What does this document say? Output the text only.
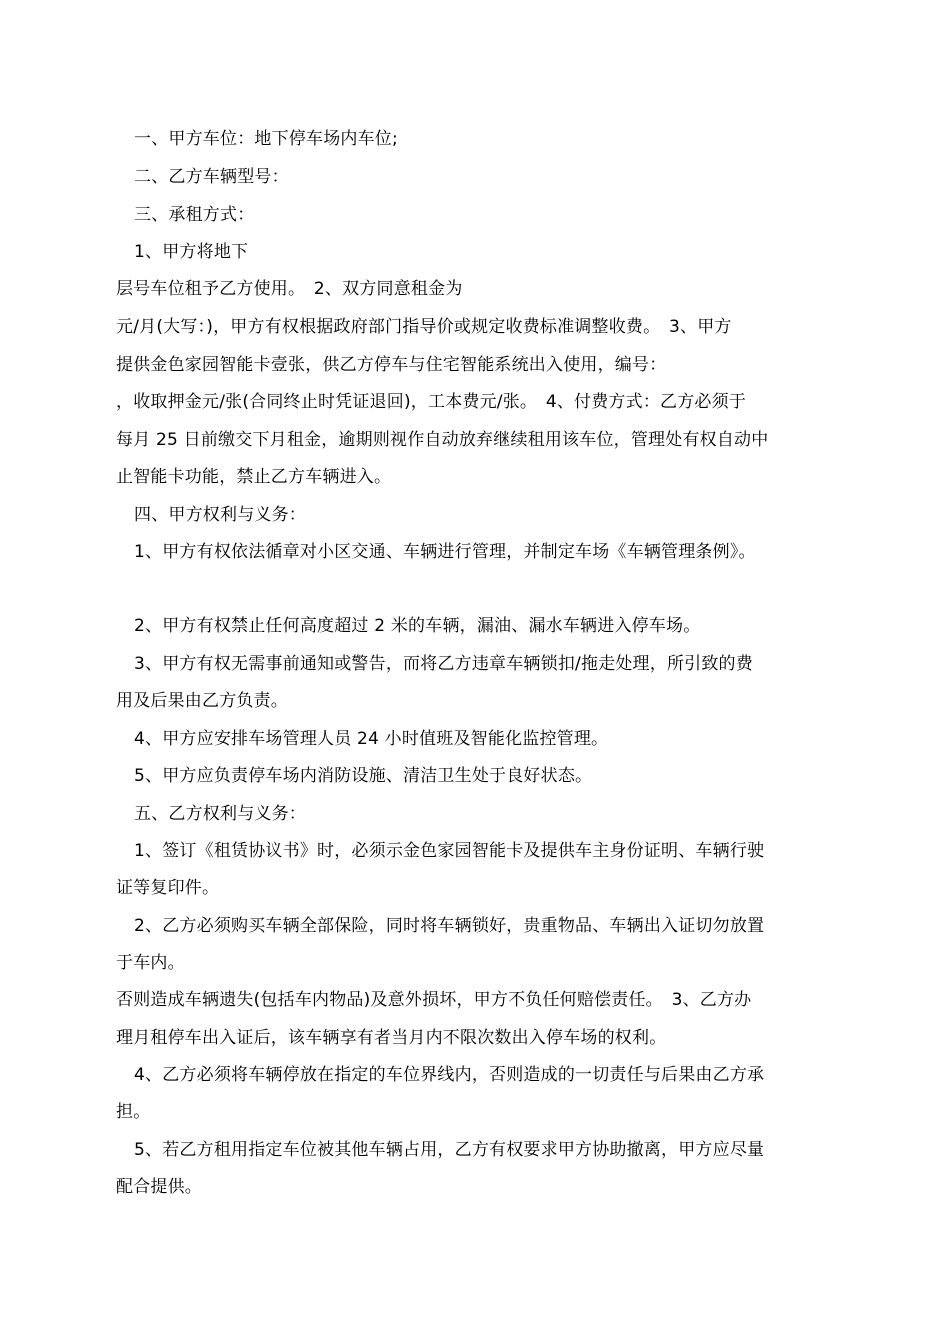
一、甲方车位：地下停车场内车位;
二、乙方车辆型号：
三、承租方式：
1、甲方将地下
层号车位租予乙方使用。　2、双方同意租金为
元/月(大写：)，甲方有权根据政府部门指导价或规定收费标准调整收费。　3、甲方
提供金色家园智能卡壹张，供乙方停车与住宅智能系统出入使用，编号：
，收取押金元/张(合同终止时凭证退回)，工本费元/张。　4、付费方式：乙方必须于
每月 25 日前缴交下月租金，逾期则视作自动放弃继续租用该车位，管理处有权自动中
止智能卡功能，禁止乙方车辆进入。
四、甲方权利与义务：
1、甲方有权依法循章对小区交通、车辆进行管理，并制定车场《车辆管理条例》。
2、甲方有权禁止任何高度超过 2 米的车辆，漏油、漏水车辆进入停车场。
3、甲方有权无需事前通知或警告，而将乙方违章车辆锁扣/拖走处理，所引致的费
用及后果由乙方负责。
4、甲方应安排车场管理人员 24 小时值班及智能化监控管理。
5、甲方应负责停车场内消防设施、清洁卫生处于良好状态。
五、乙方权利与义务：
1、签订《租赁协议书》时，必须示金色家园智能卡及提供车主身份证明、车辆行驶
证等复印件。
2、乙方必须购买车辆全部保险，同时将车辆锁好，贵重物品、车辆出入证切勿放置
于车内。
否则造成车辆遗失(包括车内物品)及意外损坏，甲方不负任何赔偿责任。　3、乙方办
理月租停车出入证后，该车辆享有者当月内不限次数出入停车场的权利。
4、乙方必须将车辆停放在指定的车位界线内，否则造成的一切责任与后果由乙方承
担。
5、若乙方租用指定车位被其他车辆占用，乙方有权要求甲方协助撤离，甲方应尽量
配合提供。
